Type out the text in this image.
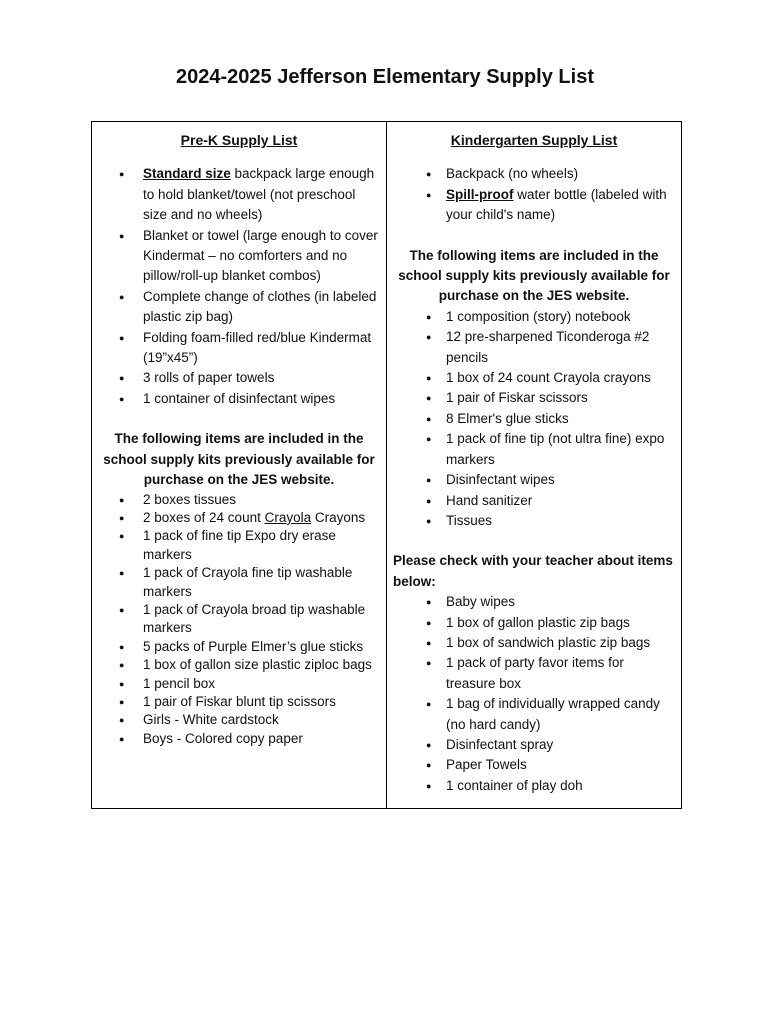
2024-2025 Jefferson Elementary Supply List

Pre-K Supply List

● Standard size backpack large enough to hold blanket/towel (not preschool size and no wheels)
● Blanket or towel (large enough to cover Kindermat – no comforters and no pillow/roll-up blanket combos)
● Complete change of clothes (in labeled plastic zip bag)
● Folding foam-filled red/blue Kindermat (19”x45”)
● 3 rolls of paper towels
● 1 container of disinfectant wipes

The following items are included in the school supply kits previously available for purchase on the JES website.

● 2 boxes tissues
● 2 boxes of 24 count Crayola Crayons
● 1 pack of fine tip Expo dry erase markers
● 1 pack of Crayola fine tip washable markers
● 1 pack of Crayola broad tip washable markers
● 5 packs of Purple Elmer’s glue sticks
● 1 box of gallon size plastic ziploc bags
● 1 pencil box
● 1 pair of Fiskar blunt tip scissors
● Girls - White cardstock
● Boys - Colored copy paper

Kindergarten Supply List

● Backpack (no wheels)
● Spill-proof water bottle (labeled with your child's name)

The following items are included in the school supply kits previously available for purchase on the JES website.

● 1 composition (story) notebook
● 12 pre-sharpened Ticonderoga #2 pencils
● 1 box of 24 count Crayola crayons
● 1 pair of Fiskar scissors
● 8 Elmer's glue sticks
● 1 pack of fine tip (not ultra fine) expo markers
● Disinfectant wipes
● Hand sanitizer
● Tissues

Please check with your teacher about items below:

● Baby wipes
● 1 box of gallon plastic zip bags
● 1 box of sandwich plastic zip bags
● 1 pack of party favor items for treasure box
● 1 bag of individually wrapped candy (no hard candy)
● Disinfectant spray
● Paper Towels
● 1 container of play doh
